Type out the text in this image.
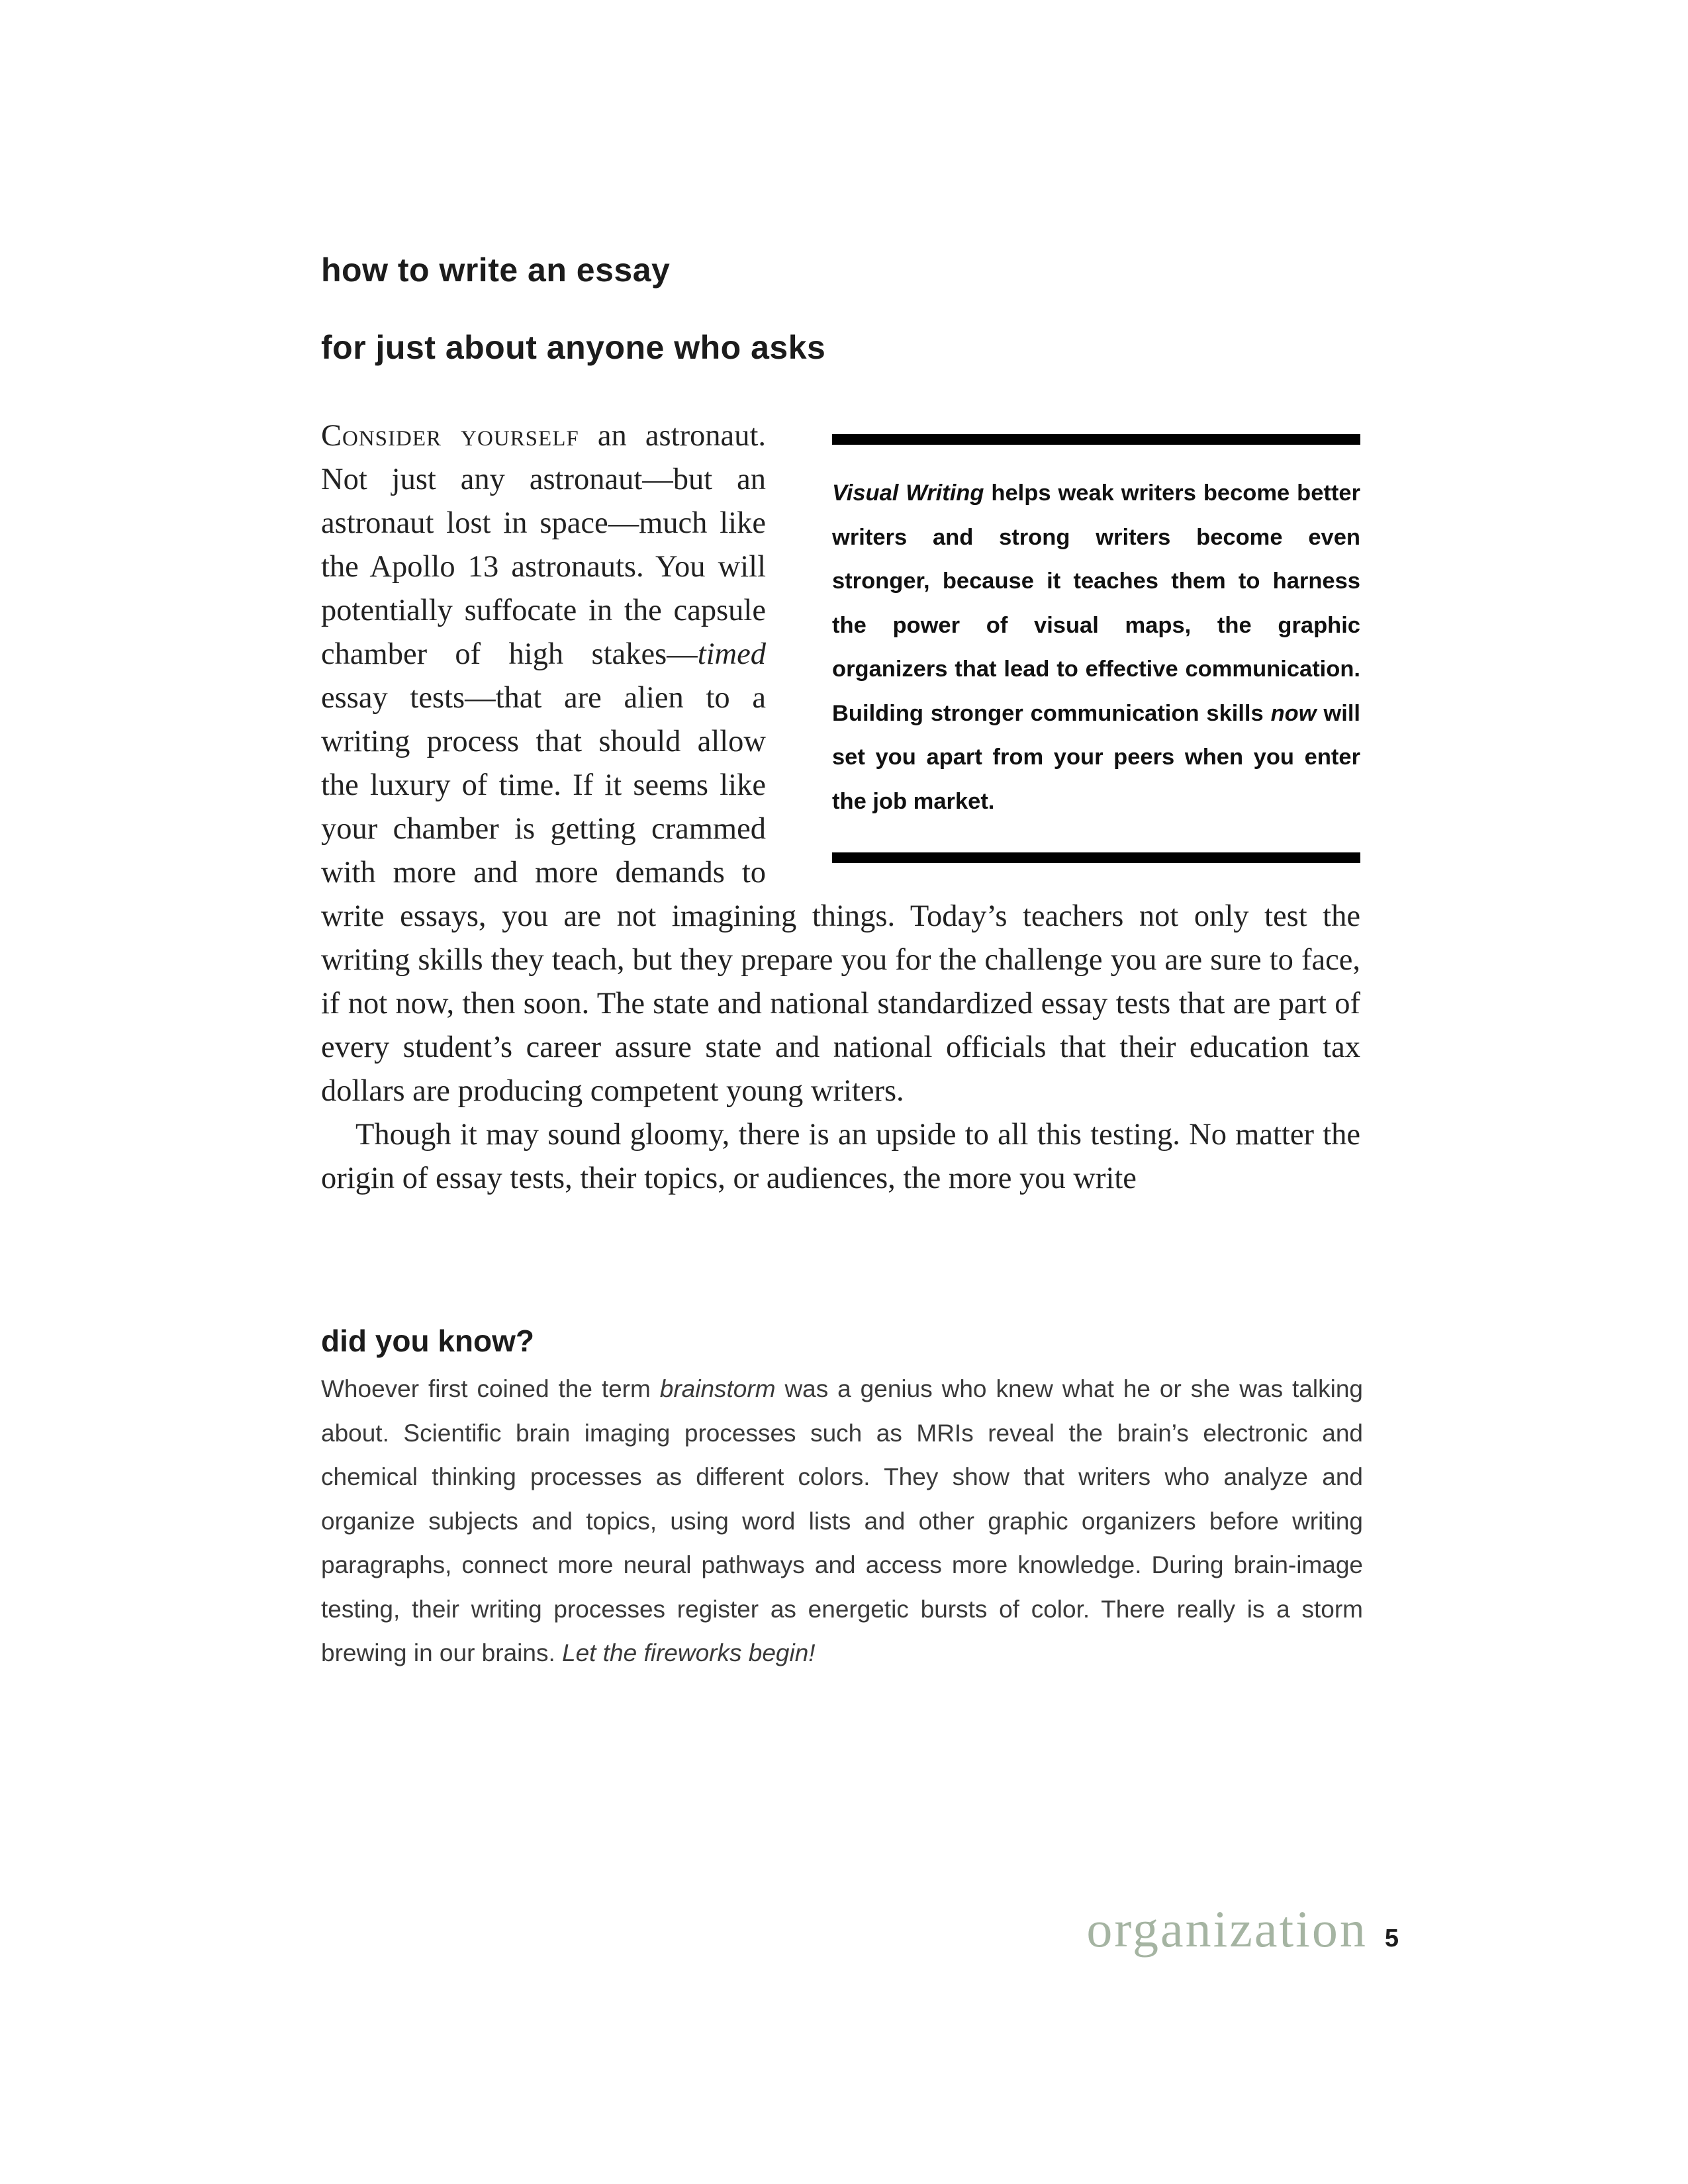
how to write an essay
for just about anyone who asks

Visual Writing helps weak writers become better writers and strong writers become even stronger, because it teaches them to harness the power of visual maps, the graphic organizers that lead to effective communication. Building stronger communication skills now will set you apart from your peers when you enter the job market.

Consider yourself an astronaut. Not just any astronaut—but an astronaut lost in space—much like the Apollo 13 astronauts. You will potentially suffocate in the capsule chamber of high stakes—timed essay tests—that are alien to a writing process that should allow the luxury of time. If it seems like your chamber is getting crammed with more and more demands to write essays, you are not imagining things. Today’s teachers not only test the writing skills they teach, but they prepare you for the challenge you are sure to face, if not now, then soon. The state and national standardized essay tests that are part of every student’s career assure state and national officials that their education tax dollars are producing competent young writers.

Though it may sound gloomy, there is an upside to all this testing. No matter the origin of essay tests, their topics, or audiences, the more you write

did you know?

Whoever first coined the term brainstorm was a genius who knew what he or she was talking about. Scientific brain imaging processes such as MRIs reveal the brain’s electronic and chemical thinking processes as different colors. They show that writers who analyze and organize subjects and topics, using word lists and other graphic organizers before writing paragraphs, connect more neural pathways and access more knowledge. During brain-image testing, their writing processes register as energetic bursts of color. There really is a storm brewing in our brains. Let the fireworks begin!

organization 5
